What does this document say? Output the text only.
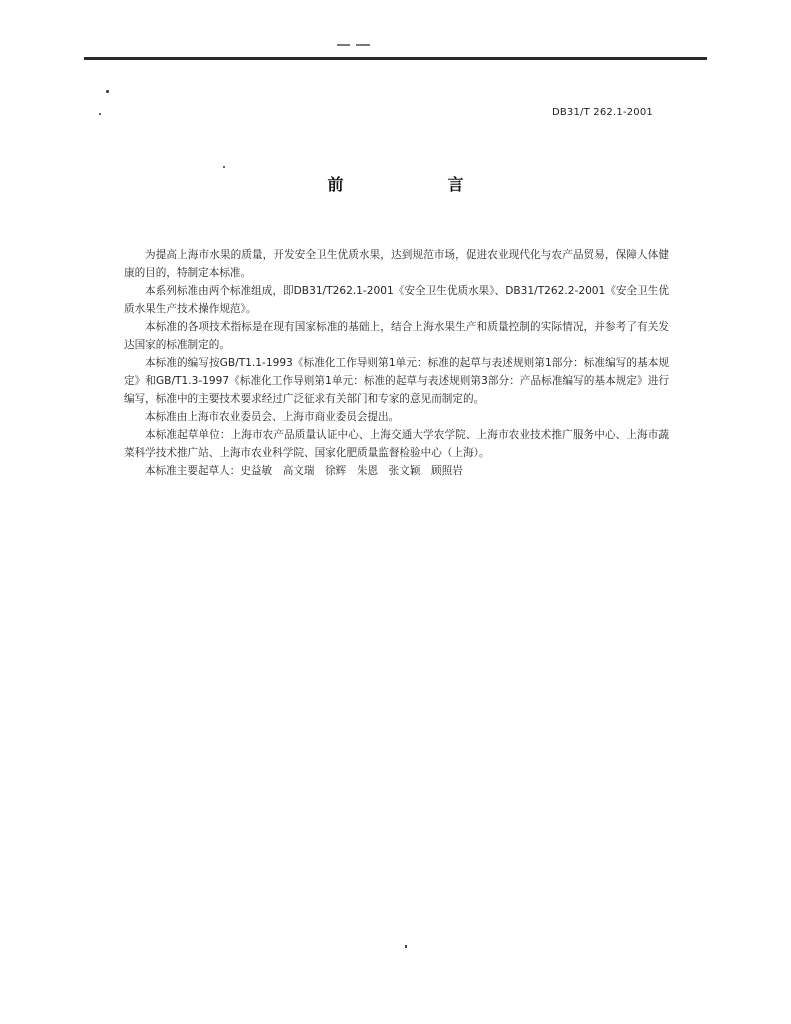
DB31/T 262.1-2001
前　言

为提高上海市水果的质量，开发安全卫生优质水果，达到规范市场，促进农业现代化与农产品贸易，保障人体健康的目的，特制定本标准。

本系列标准由两个标准组成，即DB31/T262.1-2001《安全卫生优质水果》、DB31/T262.2-2001《安全卫生优质水果生产技术操作规范》。

本标准的各项技术指标是在现有国家标准的基础上，结合上海水果生产和质量控制的实际情况，并参考了有关发达国家的标准制定的。

本标准的编写按GB/T1.1-1993《标准化工作导则第1单元：标准的起草与表述规则第1部分：标准编写的基本规定》和GB/T1.3-1997《标准化工作导则第1单元：标准的起草与表述规则第3部分：产品标准编写的基本规定》进行编写，标准中的主要技术要求经过广泛征求有关部门和专家的意见而制定的。

本标准由上海市农业委员会、上海市商业委员会提出。

本标准起草单位：上海市农产品质量认证中心、上海交通大学农学院、上海市农业技术推广服务中心、上海市蔬菜科学技术推广站、上海市农业科学院、国家化肥质量监督检验中心（上海）。

本标准主要起草人：史益敏　高文瑞　徐辉　朱恩　张文颖　顾照岩
